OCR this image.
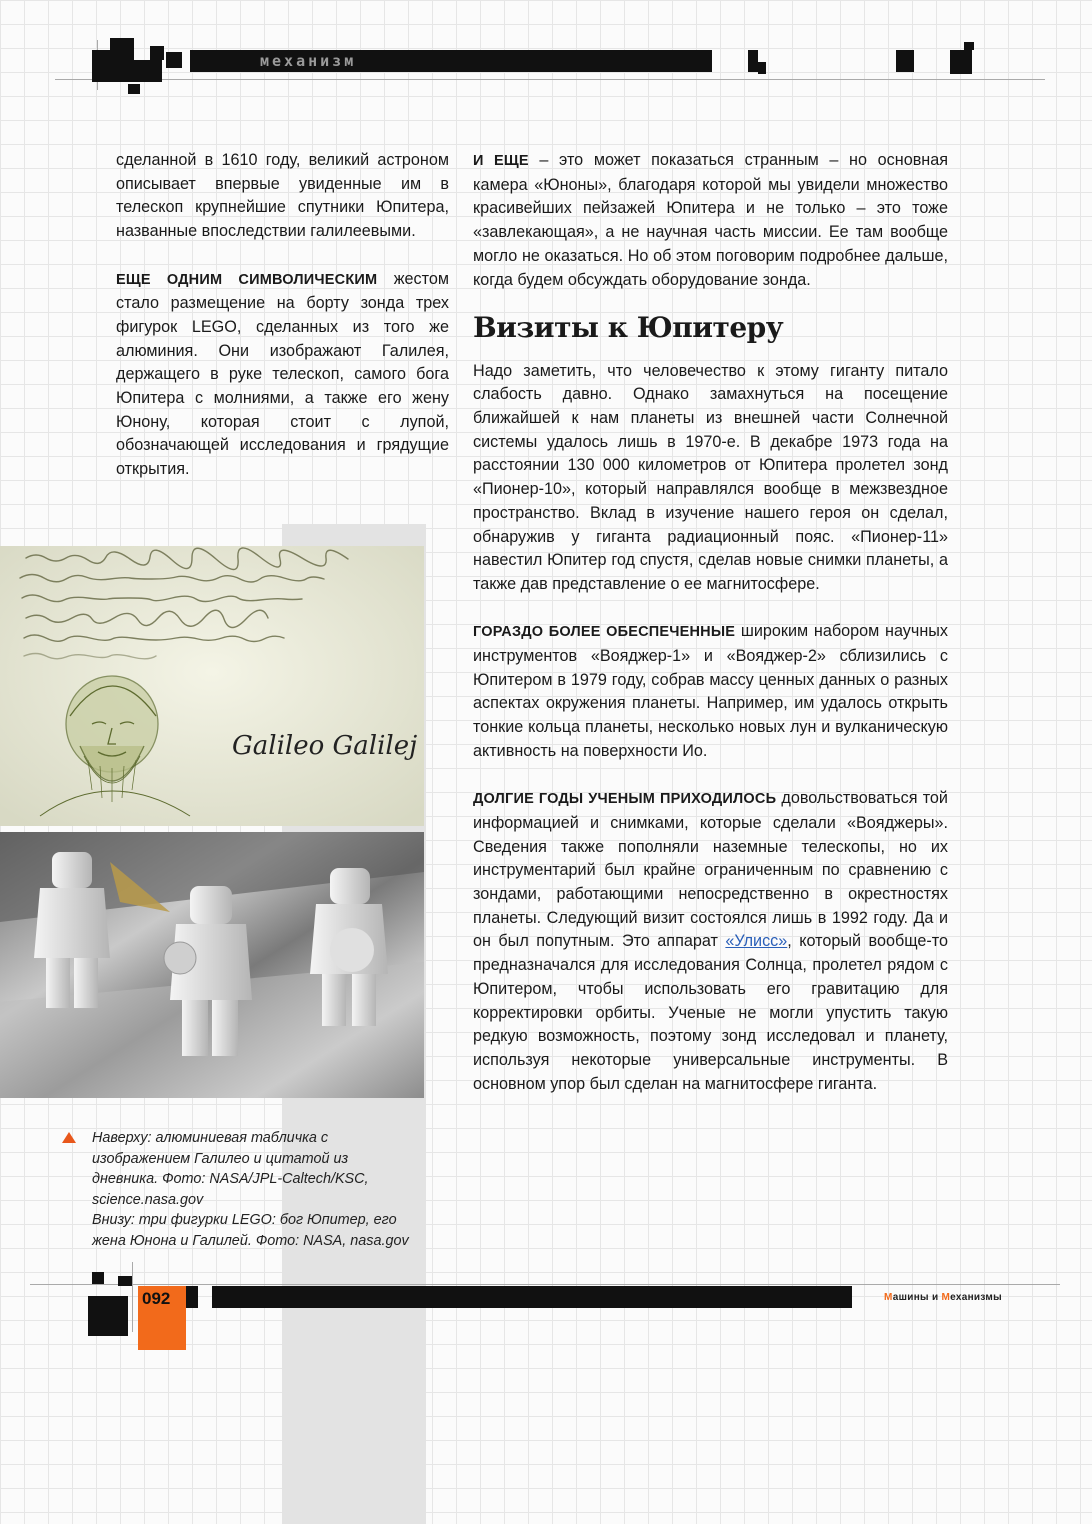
механизм

сделанной в 1610 году, великий астроном описывает впервые увиденные им в телескоп крупнейшие спутники Юпитера, названные впоследствии галилеевыми.

ЕЩЕ ОДНИМ СИМВОЛИЧЕСКИМ жестом стало размещение на борту зонда трех фигурок LEGO, сделанных из того же алюминия. Они изображают Галилея, держащего в руке телескоп, самого бога Юпитера с молниями, а также его жену Юнону, которая стоит с лупой, обозначающей исследования и грядущие открытия.

Galileo Galilej
Наверху: алюминиевая табличка с изображением Галилео и цитатой из дневника. Фото: NASA/JPL-Caltech/KSC, science.nasa.gov
Внизу: три фигурки LEGO: бог Юпитер, его жена Юнона и Галилей. Фото: NASA, nasa.gov

И ЕЩЕ – это может показаться странным – но основная камера «Юноны», благодаря которой мы увидели множество красивейших пейзажей Юпитера и не только – это тоже «завлекающая», а не научная часть миссии. Ее там вообще могло не оказаться. Но об этом поговорим подробнее дальше, когда будем обсуждать оборудование зонда.

Визиты к Юпитеру

Надо заметить, что человечество к этому гиганту питало слабость давно. Однако замахнуться на посещение ближайшей к нам планеты из внешней части Солнечной системы удалось лишь в 1970-е. В декабре 1973 года на расстоянии 130 000 километров от Юпитера пролетел зонд «Пионер-10», который направлялся вообще в межзвездное пространство. Вклад в изучение нашего героя он сделал, обнаружив у гиганта радиационный пояс. «Пионер-11» навестил Юпитер год спустя, сделав новые снимки планеты, а также дав представление о ее магнитосфере.

ГОРАЗДО БОЛЕЕ ОБЕСПЕЧЕННЫЕ широким набором научных инструментов «Вояджер-1» и «Вояджер-2» сблизились с Юпитером в 1979 году, собрав массу ценных данных о разных аспектах окружения планеты. Например, им удалось открыть тонкие кольца планеты, несколько новых лун и вулканическую активность на поверхности Ио.

ДОЛГИЕ ГОДЫ УЧЕНЫМ ПРИХОДИЛОСЬ довольствоваться той информацией и снимками, которые сделали «Вояджеры». Сведения также пополняли наземные телескопы, но их инструментарий был крайне ограниченным по сравнению с зондами, работающими непосредственно в окрестностях планеты. Следующий визит состоялся лишь в 1992 году. Да и он был попутным. Это аппарат «Улисс», который вообще-то предназначался для исследования Солнца, пролетел рядом с Юпитером, чтобы использовать его гравитацию для корректировки орбиты. Ученые не могли упустить такую редкую возможность, поэтому зонд исследовал и планету, используя некоторые универсальные инструменты. В основном упор был сделан на магнитосфере гиганта.

092	Машины и Механизмы
